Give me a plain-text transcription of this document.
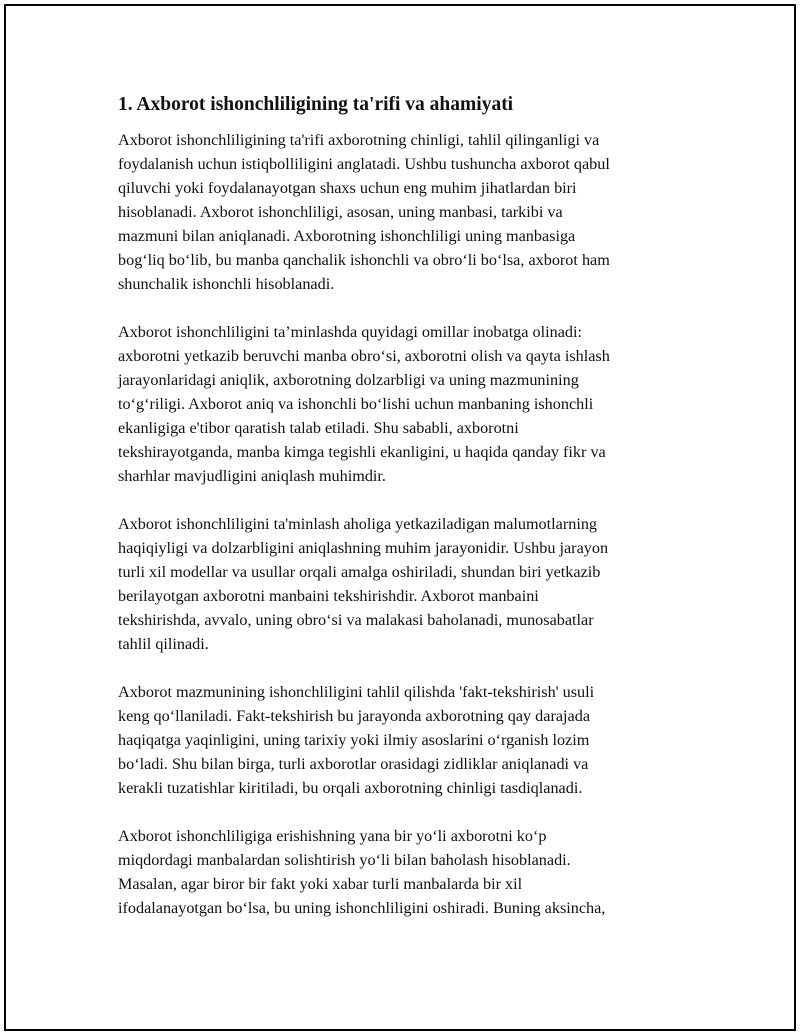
1. Axborot ishonchliligining ta'rifi va ahamiyati

Axborot ishonchliligining ta'rifi axborotning chinligi, tahlil qilinganligi va
foydalanish uchun istiqbolliligini anglatadi. Ushbu tushuncha axborot qabul
qiluvchi yoki foydalanayotgan shaxs uchun eng muhim jihatlardan biri
hisoblanadi. Axborot ishonchliligi, asosan, uning manbasi, tarkibi va
mazmuni bilan aniqlanadi. Axborotning ishonchliligi uning manbasiga
bog‘liq bo‘lib, bu manba qanchalik ishonchli va obro‘li bo‘lsa, axborot ham
shunchalik ishonchli hisoblanadi.

Axborot ishonchliligini ta’minlashda quyidagi omillar inobatga olinadi:
axborotni yetkazib beruvchi manba obro‘si, axborotni olish va qayta ishlash
jarayonlaridagi aniqlik, axborotning dolzarbligi va uning mazmunining
to‘g‘riligi. Axborot aniq va ishonchli bo‘lishi uchun manbaning ishonchli
ekanligiga e'tibor qaratish talab etiladi. Shu sababli, axborotni
tekshirayotganda, manba kimga tegishli ekanligini, u haqida qanday fikr va
sharhlar mavjudligini aniqlash muhimdir.

Axborot ishonchliligini ta'minlash aholiga yetkaziladigan malumotlarning
haqiqiyligi va dolzarbligini aniqlashning muhim jarayonidir. Ushbu jarayon
turli xil modellar va usullar orqali amalga oshiriladi, shundan biri yetkazib
berilayotgan axborotni manbaini tekshirishdir. Axborot manbaini
tekshirishda, avvalo, uning obro‘si va malakasi baholanadi, munosabatlar
tahlil qilinadi.

Axborot mazmunining ishonchliligini tahlil qilishda 'fakt-tekshirish' usuli
keng qo‘llaniladi. Fakt-tekshirish bu jarayonda axborotning qay darajada
haqiqatga yaqinligini, uning tarixiy yoki ilmiy asoslarini o‘rganish lozim
bo‘ladi. Shu bilan birga, turli axborotlar orasidagi zidliklar aniqlanadi va
kerakli tuzatishlar kiritiladi, bu orqali axborotning chinligi tasdiqlanadi.

Axborot ishonchliligiga erishishning yana bir yo‘li axborotni ko‘p
miqdordagi manbalardan solishtirish yo‘li bilan baholash hisoblanadi.
Masalan, agar biror bir fakt yoki xabar turli manbalarda bir xil
ifodalanayotgan bo‘lsa, bu uning ishonchliligini oshiradi. Buning aksincha,
